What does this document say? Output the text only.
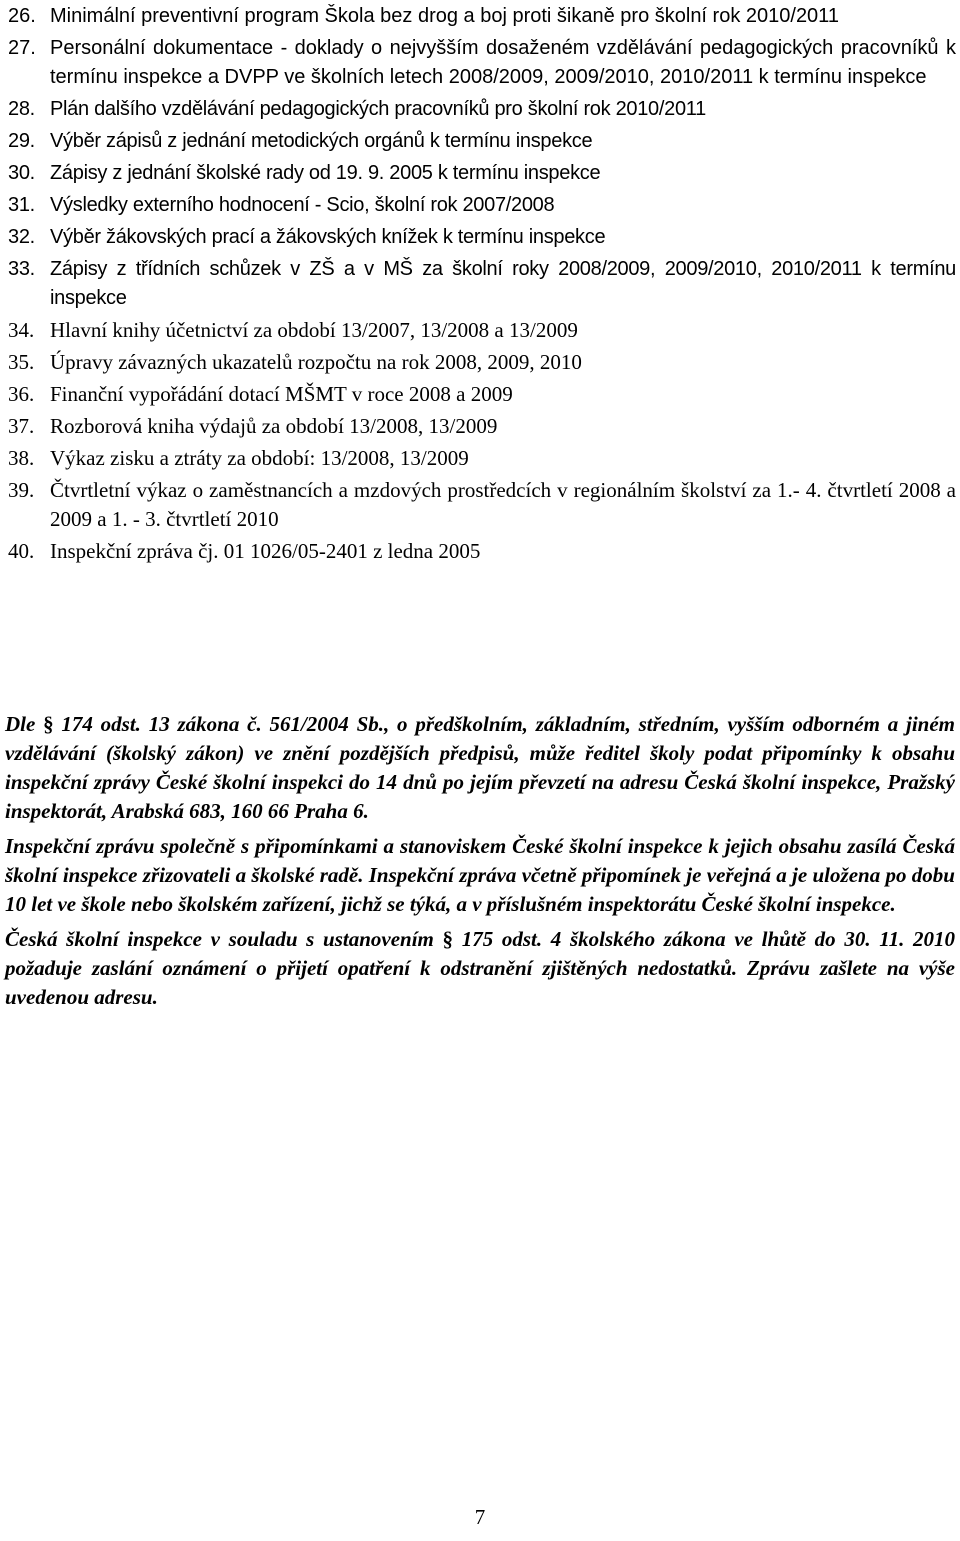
26. Minimální preventivní program Škola bez drog a boj proti šikaně pro školní rok 2010/2011
27. Personální dokumentace - doklady o nejvyšším dosaženém vzdělávání pedagogických pracovníků k termínu inspekce a DVPP ve školních letech 2008/2009, 2009/2010, 2010/2011 k termínu inspekce
28. Plán dalšího vzdělávání pedagogických pracovníků pro školní rok 2010/2011
29. Výběr zápisů z jednání metodických orgánů k termínu inspekce
30. Zápisy z jednání školské rady od 19. 9. 2005 k termínu inspekce
31. Výsledky externího hodnocení - Scio, školní rok 2007/2008
32. Výběr žákovských prací a žákovských knížek k termínu inspekce
33. Zápisy z třídních schůzek v ZŠ a v MŠ za školní roky 2008/2009, 2009/2010, 2010/2011 k termínu inspekce
34. Hlavní knihy účetnictví za období 13/2007, 13/2008 a 13/2009
35. Úpravy závazných ukazatelů rozpočtu na rok 2008, 2009, 2010
36. Finanční vypořádání dotací MŠMT v roce 2008 a 2009
37. Rozborová kniha výdajů za období 13/2008, 13/2009
38. Výkaz zisku a ztráty za období: 13/2008, 13/2009
39. Čtvrtletní výkaz o zaměstnancích a mzdových prostředcích v regionálním školství za 1.- 4. čtvrtletí 2008 a 2009 a 1. - 3. čtvrtletí 2010
40. Inspekční zpráva čj. 01 1026/05-2401 z ledna 2005

Dle § 174 odst. 13 zákona č. 561/2004 Sb., o předškolním, základním, středním, vyšším odborném a jiném vzdělávání (školský zákon) ve znění pozdějších předpisů, může ředitel školy podat připomínky k obsahu inspekční zprávy České školní inspekci do 14 dnů po jejím převzetí na adresu Česká školní inspekce, Pražský inspektorát, Arabská 683, 160 66 Praha 6.

Inspekční zprávu společně s připomínkami a stanoviskem České školní inspekce k jejich obsahu zasílá Česká školní inspekce zřizovateli a školské radě. Inspekční zpráva včetně připomínek je veřejná a je uložena po dobu 10 let ve škole nebo školském zařízení, jichž se týká, a v příslušném inspektorátu České školní inspekce.

Česká školní inspekce v souladu s ustanovením § 175 odst. 4 školského zákona ve lhůtě do 30. 11. 2010 požaduje zaslání oznámení o přijetí opatření k odstranění zjištěných nedostatků. Zprávu zašlete na výše uvedenou adresu.

7
